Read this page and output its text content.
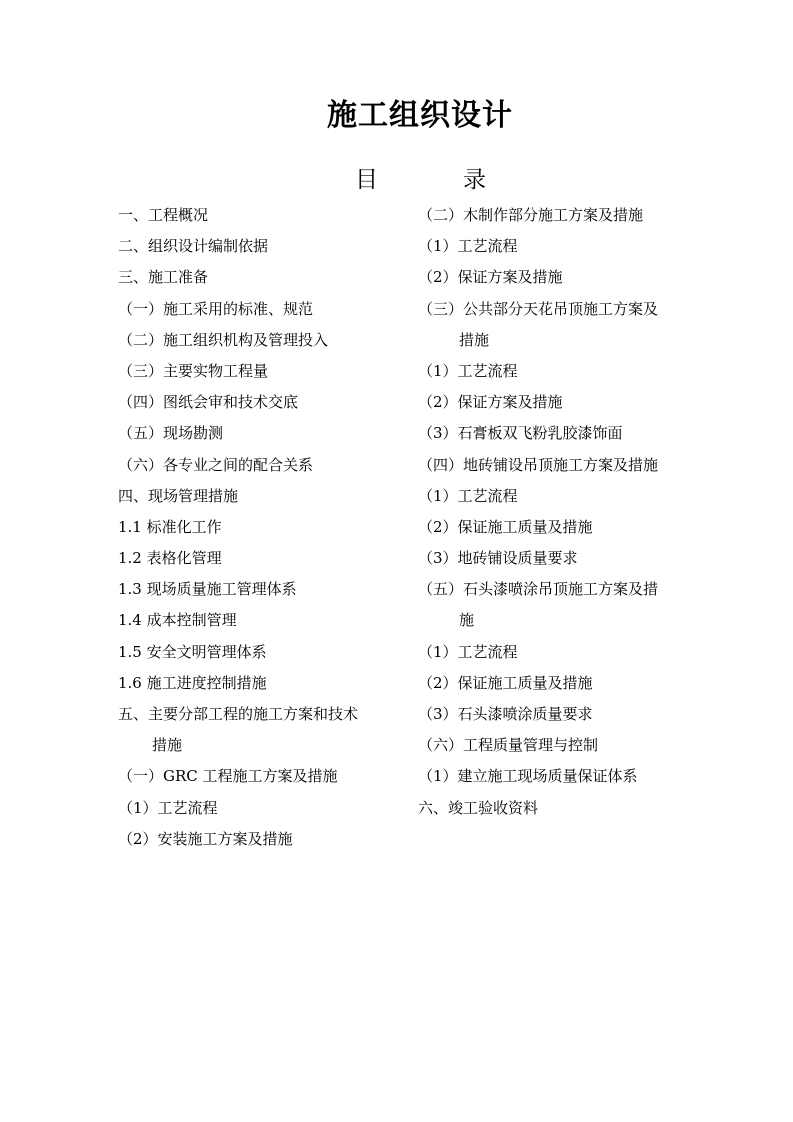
施工组织设计
目	录
一、工程概况
二、组织设计编制依据
三、施工准备
（一）施工采用的标准、规范
（二）施工组织机构及管理投入
（三）主要实物工程量
（四）图纸会审和技术交底
（五）现场勘测
（六）各专业之间的配合关系
四、现场管理措施
1.1 标准化工作
1.2 表格化管理
1.3 现场质量施工管理体系
1.4 成本控制管理
1.5 安全文明管理体系
1.6 施工进度控制措施
五、主要分部工程的施工方案和技术
措施
（一）GRC 工程施工方案及措施
（1）工艺流程
（2）安装施工方案及措施
（二）木制作部分施工方案及措施
（1）工艺流程
（2）保证方案及措施
（三）公共部分天花吊顶施工方案及
措施
（1）工艺流程
（2）保证方案及措施
（3）石膏板双飞粉乳胶漆饰面
（四）地砖铺设吊顶施工方案及措施
（1）工艺流程
（2）保证施工质量及措施
（3）地砖铺设质量要求
（五）石头漆喷涂吊顶施工方案及措
施
（1）工艺流程
（2）保证施工质量及措施
（3）石头漆喷涂质量要求
（六）工程质量管理与控制
（1）建立施工现场质量保证体系
六、竣工验收资料
